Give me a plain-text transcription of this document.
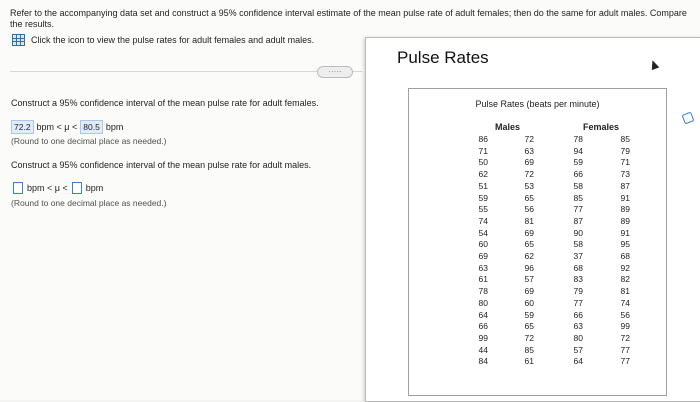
Refer to the accompanying data set and construct a 95% confidence interval estimate of the mean pulse rate of adult females; then do the same for adult males. Compare the results.
Click the icon to view the pulse rates for adult females and adult males.
·····
Construct a 95% confidence interval of the mean pulse rate for adult females.
72.2 bpm < μ < 80.5 bpm
(Round to one decimal place as needed.)
Construct a 95% confidence interval of the mean pulse rate for adult males.
bpm < μ < bpm
(Round to one decimal place as needed.)
Pulse Rates
Pulse Rates (beats per minute)
Males	Females
86
71
50
62
51
59
55
74
54
60
69
63
61
78
80
64
66
99
44
84
72
63
69
72
53
65
56
81
69
65
62
96
57
69
60
59
65
72
85
61
78
94
59
66
58
85
77
87
90
58
37
68
83
79
77
66
63
80
57
64
85
79
71
73
87
91
89
89
91
95
68
92
82
81
74
56
99
72
77
77
